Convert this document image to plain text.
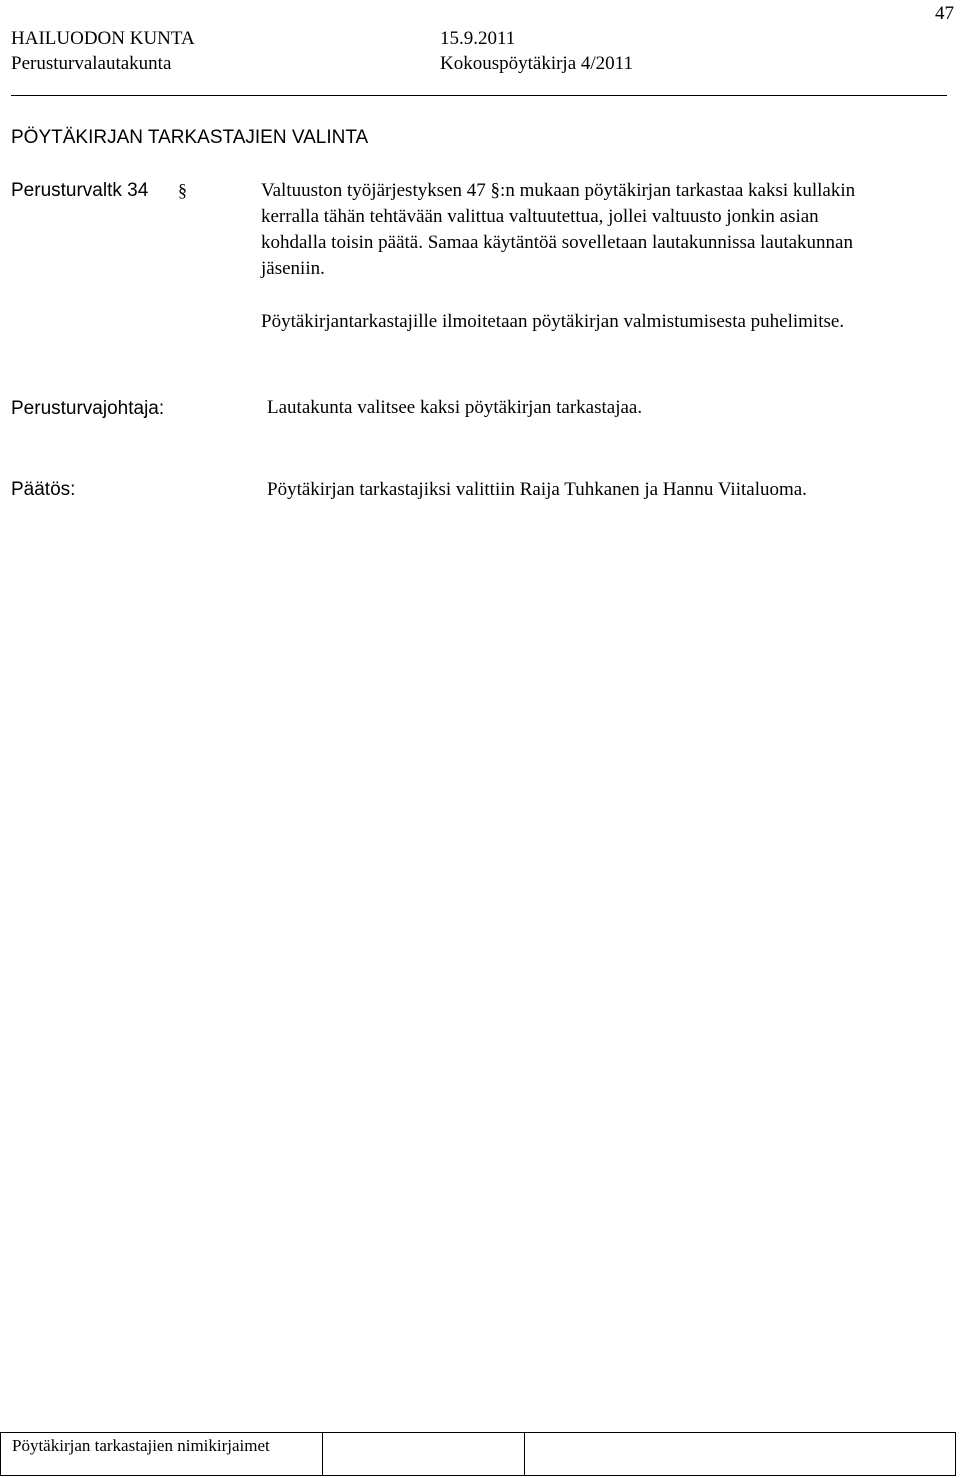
47
HAILUODON KUNTA	15.9.2011
Perusturvalautakunta	Kokouspöytäkirja 4/2011
PÖYTÄKIRJAN TARKASTAJIEN VALINTA
Perusturvaltk 34 §	Valtuuston työjärjestyksen 47 §:n mukaan pöytäkirjan tarkastaa kaksi kullakin kerralla tähän tehtävään valittua valtuutettua, jollei valtuusto jonkin asian kohdalla toisin päätä. Samaa käytäntöä sovelletaan lautakunnissa lautakunnan jäseniin.

Pöytäkirjantarkastajille ilmoitetaan pöytäkirjan valmistumisesta puhelimitse.

Perusturvajohtaja:	Lautakunta valitsee kaksi pöytäkirjan tarkastajaa.
Päätös:	Pöytäkirjan tarkastajiksi valittiin Raija Tuhkanen ja Hannu Viitaluoma.
Pöytäkirjan tarkastajien nimikirjaimet
